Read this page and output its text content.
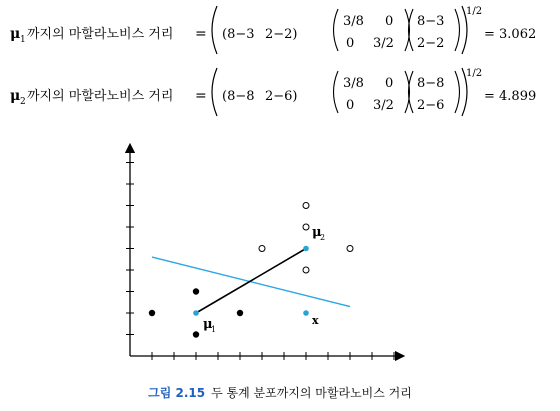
μ 1 까지의 마할라노비스 거리 = (8−3 2−2)
3/8 0
0 3/2
8−3
2−2
1/2
= 3.062
μ 2 까지의 마할라노비스 거리 = (8−8 2−6)
3/8 0
0 3/2
8−8
2−6
1/2
= 4.899
μ
1
μ
2
x
그림 2.15 두 통계 분포까지의 마할라노비스 거리
